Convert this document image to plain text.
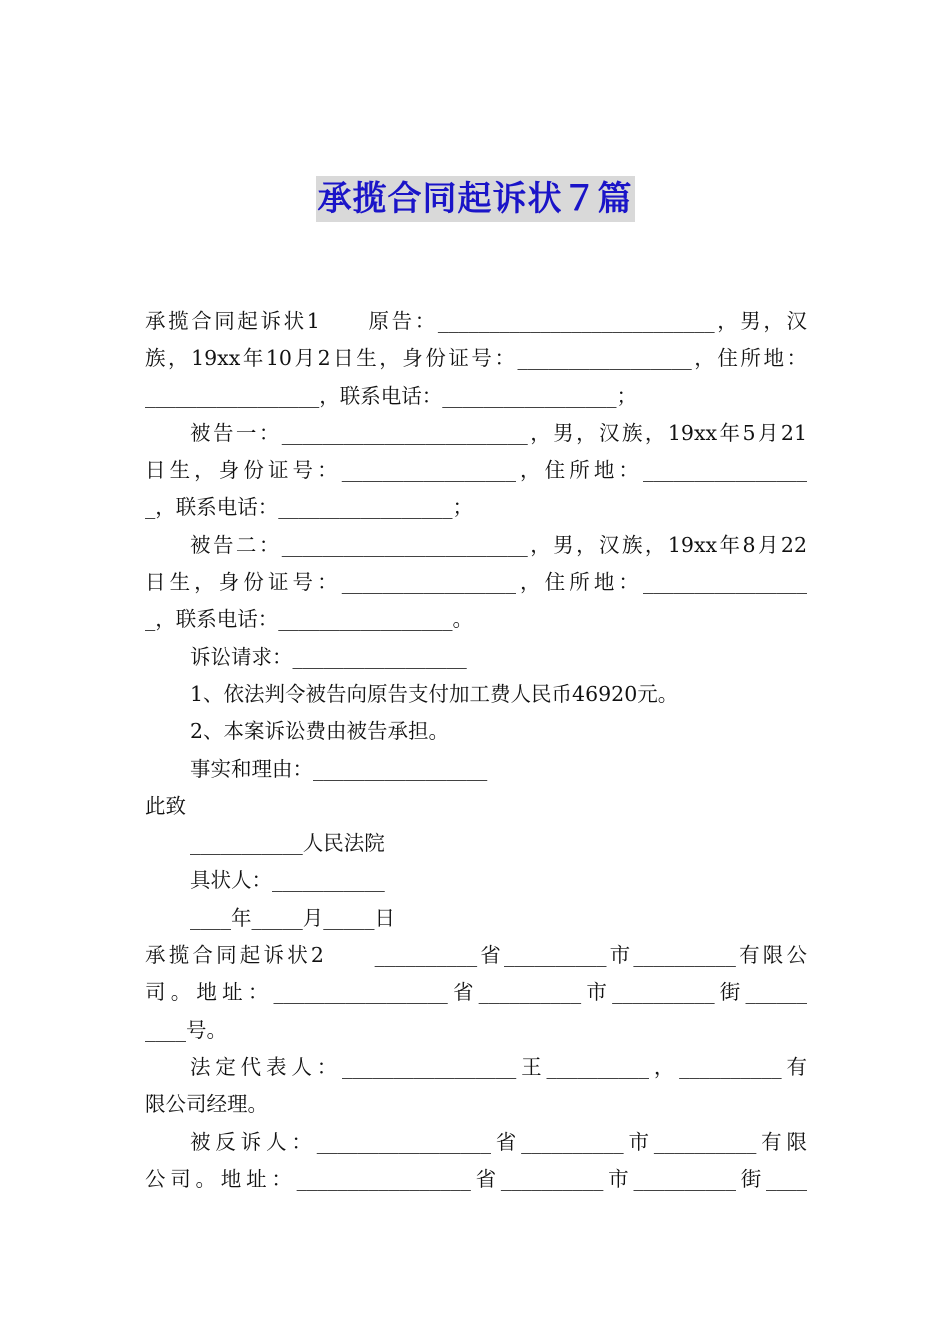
承揽合同起诉状７篇
承揽合同起诉状1　　原告：___________________________，男，汉
族，19xx年10月2日生，身份证号：_________________，住所地：
_________________，联系电话：_________________；
被告一：________________________，男，汉族，19xx年5月21
日生，身份证号：_________________，住所地：________________
_，联系电话：_________________；
被告二：________________________，男，汉族，19xx年8月22
日生，身份证号：_________________，住所地：________________
_，联系电话：_________________。
诉讼请求：_________________
1、依法判令被告向原告支付加工费人民币46920元。
2、本案诉讼费由被告承担。
事实和理由：_________________
此致
___________人民法院
具状人：___________
____年_____月_____日
承揽合同起诉状2　　__________省__________市__________有限公
司。地址：_________________省__________市__________街______
____号。
法定代表人：_________________王__________，__________有
限公司经理。
被反诉人：_________________省__________市__________有限
公司。地址：_________________省__________市__________街____
